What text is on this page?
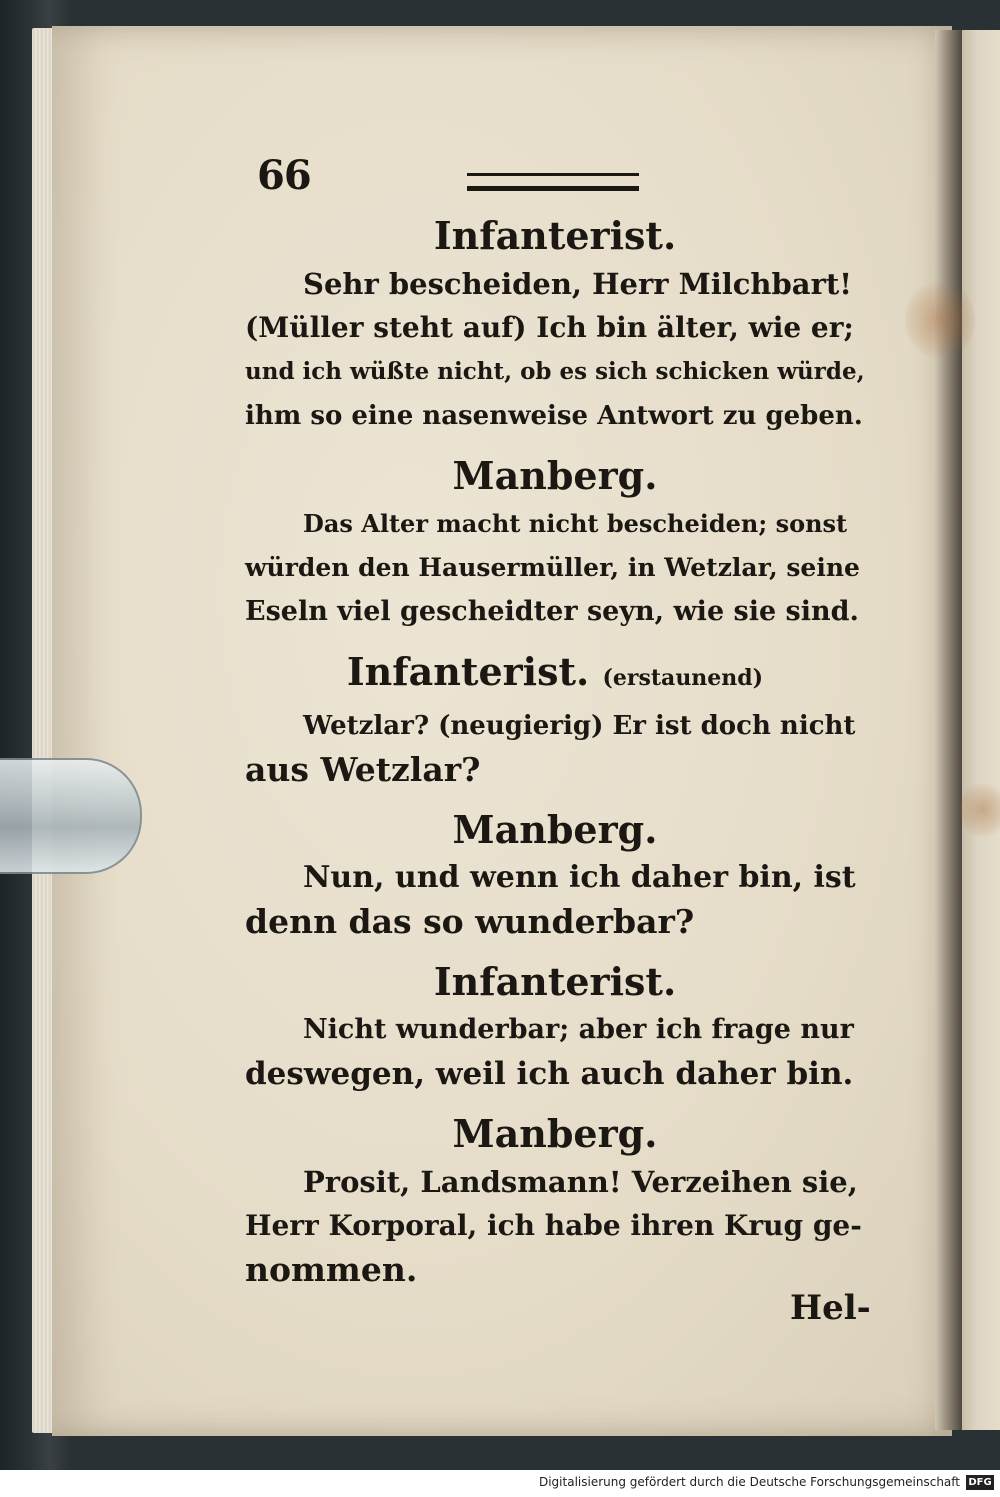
66

Infanterist.

Sehr bescheiden, Herr Milchbart!

(Müller steht auf) Ich bin älter, wie er;

und ich wüßte nicht, ob es sich schicken würde,

ihm so eine nasenweise Antwort zu geben.

Manberg.

Das Alter macht nicht bescheiden; sonst

würden den Hausermüller, in Wetzlar, seine

Eseln viel gescheidter seyn, wie sie sind.

Infanterist. (erstaunend)

Wetzlar? (neugierig) Er ist doch nicht

aus Wetzlar?

Manberg.

Nun, und wenn ich daher bin, ist

denn das so wunderbar?

Infanterist.

Nicht wunderbar; aber ich frage nur

deswegen, weil ich auch daher bin.

Manberg.

Prosit, Landsmann! Verzeihen sie,

Herr Korporal, ich habe ihren Krug ge-

nommen.

Hel-
Digitalisierung gefördert durch die Deutsche Forschungsgemeinschaft DFG
